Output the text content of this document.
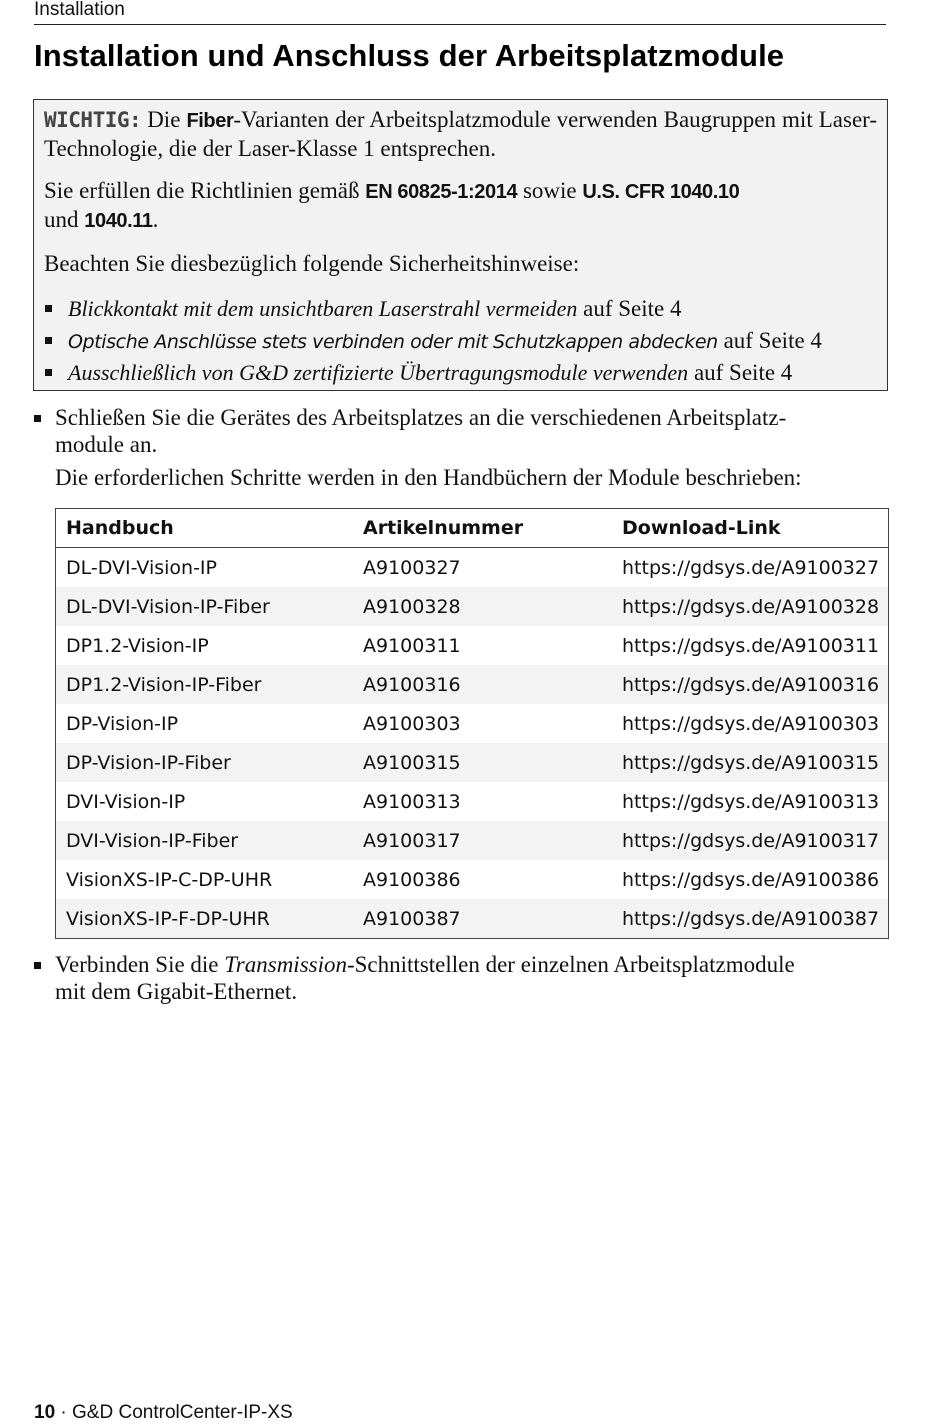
Installation
Installation und Anschluss der Arbeitsplatzmodule

WICHTIG: Die Fiber-Varianten der Arbeitsplatzmodule verwenden Baugruppen mit Laser-Technologie, die der Laser-Klasse 1 entsprechen.

Sie erfüllen die Richtlinien gemäß EN 60825-1:2014 sowie U.S. CFR 1040.10
und 1040.11.

Beachten Sie diesbezüglich folgende Sicherheitshinweise:

Blickkontakt mit dem unsichtbaren Laserstrahl vermeiden auf Seite 4
Optische Anschlüsse stets verbinden oder mit Schutzkappen abdecken auf Seite 4
Ausschließlich von G&D zertifizierte Übertragungsmodule verwenden auf Seite 4
Schließen Sie die Gerätes des Arbeitsplatzes an die verschiedenen Arbeitsplatz-
module an.
Die erforderlichen Schritte werden in den Handbüchern der Module beschrieben:
Handbuch	Artikelnummer	Download-Link
DL-DVI-Vision-IP	A9100327	https://gdsys.de/A9100327
DL-DVI-Vision-IP-Fiber	A9100328	https://gdsys.de/A9100328
DP1.2-Vision-IP	A9100311	https://gdsys.de/A9100311
DP1.2-Vision-IP-Fiber	A9100316	https://gdsys.de/A9100316
DP-Vision-IP	A9100303	https://gdsys.de/A9100303
DP-Vision-IP-Fiber	A9100315	https://gdsys.de/A9100315
DVI-Vision-IP	A9100313	https://gdsys.de/A9100313
DVI-Vision-IP-Fiber	A9100317	https://gdsys.de/A9100317
VisionXS-IP-C-DP-UHR	A9100386	https://gdsys.de/A9100386
VisionXS-IP-F-DP-UHR	A9100387	https://gdsys.de/A9100387
Verbinden Sie die Transmission-Schnittstellen der einzelnen Arbeitsplatzmodule
mit dem Gigabit-Ethernet.
10 · G&D ControlCenter-IP-XS
